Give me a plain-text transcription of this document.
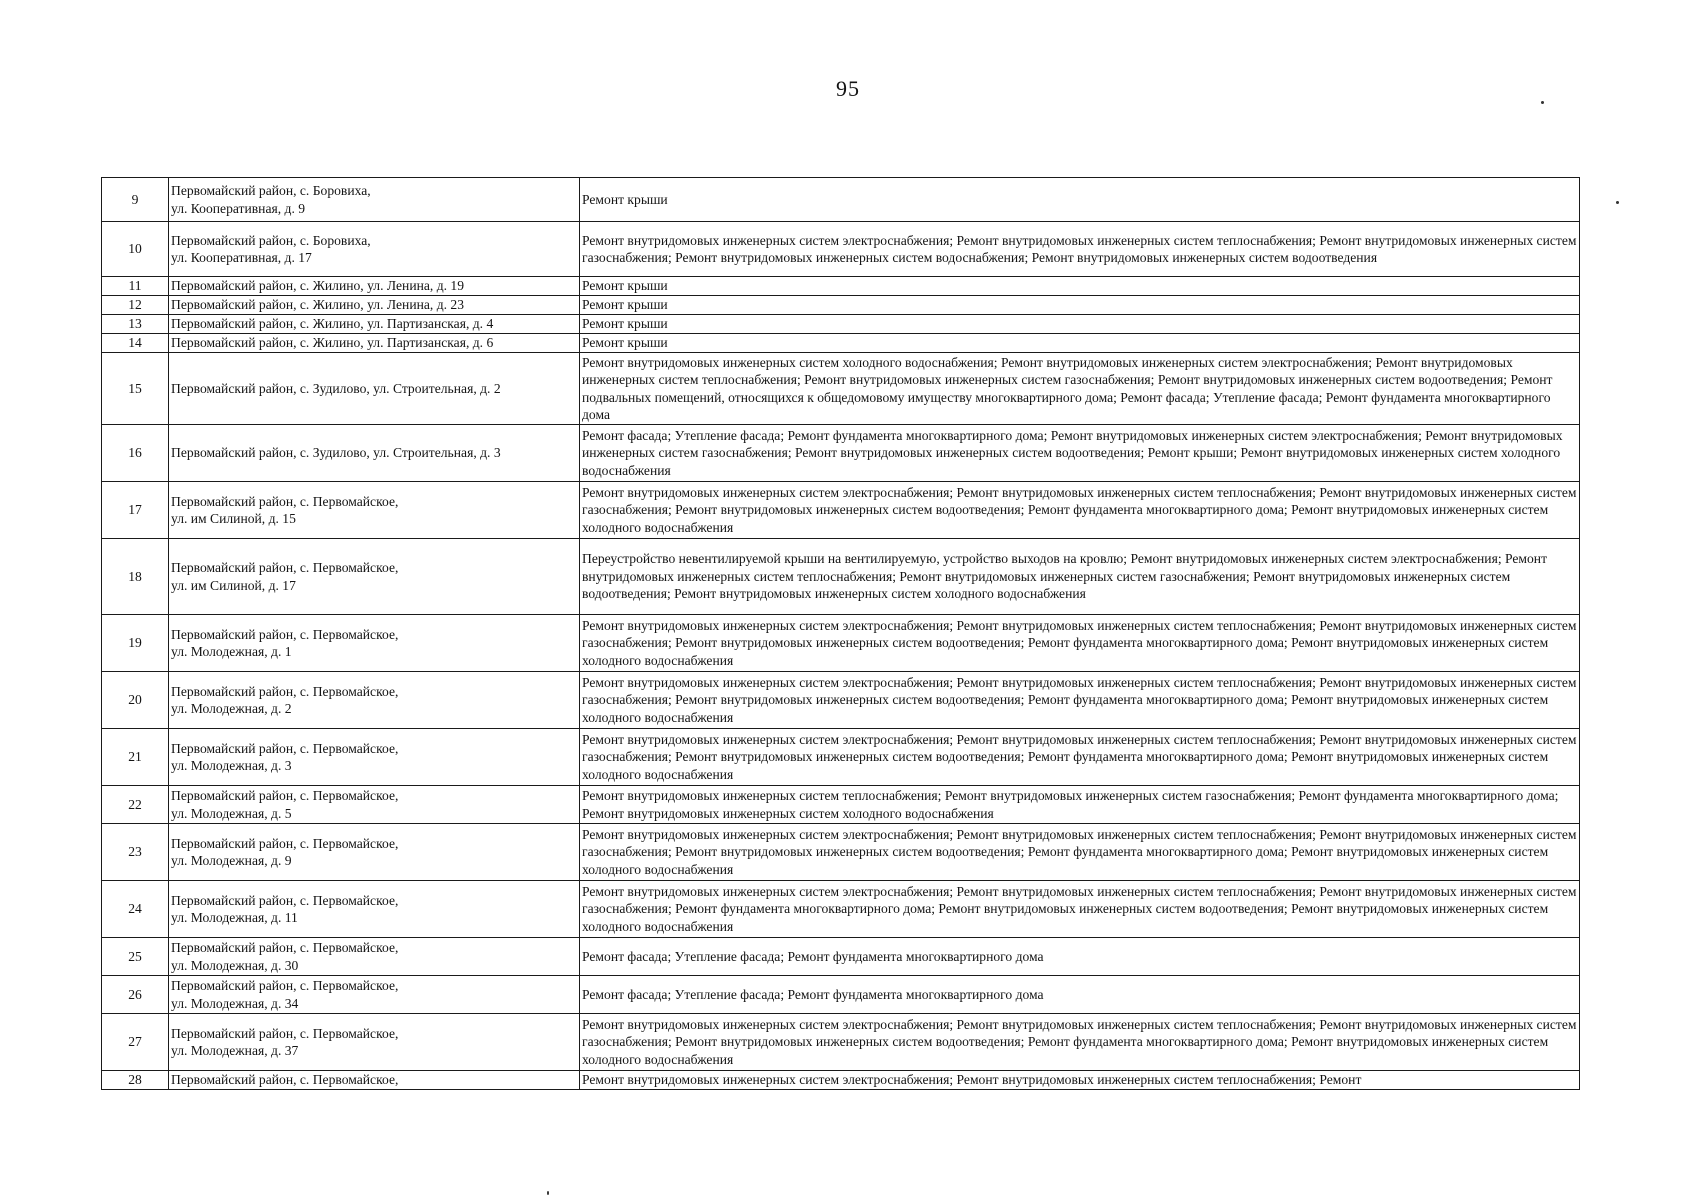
95
9	Первомайский район, с. Боровиха,
ул. Кооперативная, д. 9	Ремонт крыши
10	Первомайский район, с. Боровиха,
ул. Кооперативная, д. 17	Ремонт внутридомовых инженерных систем электроснабжения; Ремонт внутридомовых инженерных систем теплоснабжения; Ремонт внутридомовых инженерных систем газоснабжения; Ремонт внутридомовых инженерных систем водоснабжения; Ремонт внутридомовых инженерных систем водоотведения
11	Первомайский район, с. Жилино, ул. Ленина, д. 19	Ремонт крыши
12	Первомайский район, с. Жилино, ул. Ленина, д. 23	Ремонт крыши
13	Первомайский район, с. Жилино, ул. Партизанская, д. 4	Ремонт крыши
14	Первомайский район, с. Жилино, ул. Партизанская, д. 6	Ремонт крыши
15	Первомайский район, с. Зудилово, ул. Строительная, д. 2	Ремонт внутридомовых инженерных систем холодного водоснабжения; Ремонт внутридомовых инженерных систем электроснабжения; Ремонт внутридомовых инженерных систем теплоснабжения; Ремонт внутридомовых инженерных систем газоснабжения; Ремонт внутридомовых инженерных систем водоотведения; Ремонт подвальных помещений, относящихся к общедомовому имуществу многоквартирного дома; Ремонт фасада; Утепление фасада; Ремонт фундамента многоквартирного дома
16	Первомайский район, с. Зудилово, ул. Строительная, д. 3	Ремонт фасада; Утепление фасада; Ремонт фундамента многоквартирного дома; Ремонт внутридомовых инженерных систем электроснабжения; Ремонт внутридомовых инженерных систем газоснабжения; Ремонт внутридомовых инженерных систем водоотведения; Ремонт крыши; Ремонт внутридомовых инженерных систем холодного водоснабжения
17	Первомайский район, с. Первомайское,
ул. им Силиной, д. 15	Ремонт внутридомовых инженерных систем электроснабжения; Ремонт внутридомовых инженерных систем теплоснабжения; Ремонт внутридомовых инженерных систем газоснабжения; Ремонт внутридомовых инженерных систем водоотведения; Ремонт фундамента многоквартирного дома; Ремонт внутридомовых инженерных систем холодного водоснабжения
18	Первомайский район, с. Первомайское,
ул. им Силиной, д. 17	Переустройство невентилируемой крыши на вентилируемую, устройство выходов на кровлю; Ремонт внутридомовых инженерных систем электроснабжения; Ремонт внутридомовых инженерных систем теплоснабжения; Ремонт внутридомовых инженерных систем газоснабжения; Ремонт внутридомовых инженерных систем водоотведения; Ремонт внутридомовых инженерных систем холодного водоснабжения
19	Первомайский район, с. Первомайское,
ул. Молодежная, д. 1	Ремонт внутридомовых инженерных систем электроснабжения; Ремонт внутридомовых инженерных систем теплоснабжения; Ремонт внутридомовых инженерных систем газоснабжения; Ремонт внутридомовых инженерных систем водоотведения; Ремонт фундамента многоквартирного дома; Ремонт внутридомовых инженерных систем холодного водоснабжения
20	Первомайский район, с. Первомайское,
ул. Молодежная, д. 2	Ремонт внутридомовых инженерных систем электроснабжения; Ремонт внутридомовых инженерных систем теплоснабжения; Ремонт внутридомовых инженерных систем газоснабжения; Ремонт внутридомовых инженерных систем водоотведения; Ремонт фундамента многоквартирного дома; Ремонт внутридомовых инженерных систем холодного водоснабжения
21	Первомайский район, с. Первомайское,
ул. Молодежная, д. 3	Ремонт внутридомовых инженерных систем электроснабжения; Ремонт внутридомовых инженерных систем теплоснабжения; Ремонт внутридомовых инженерных систем газоснабжения; Ремонт внутридомовых инженерных систем водоотведения; Ремонт фундамента многоквартирного дома; Ремонт внутридомовых инженерных систем холодного водоснабжения
22	Первомайский район, с. Первомайское,
ул. Молодежная, д. 5	Ремонт внутридомовых инженерных систем теплоснабжения; Ремонт внутридомовых инженерных систем газоснабжения; Ремонт фундамента многоквартирного дома; Ремонт внутридомовых инженерных систем холодного водоснабжения
23	Первомайский район, с. Первомайское,
ул. Молодежная, д. 9	Ремонт внутридомовых инженерных систем электроснабжения; Ремонт внутридомовых инженерных систем теплоснабжения; Ремонт внутридомовых инженерных систем газоснабжения; Ремонт внутридомовых инженерных систем водоотведения; Ремонт фундамента многоквартирного дома; Ремонт внутридомовых инженерных систем холодного водоснабжения
24	Первомайский район, с. Первомайское,
ул. Молодежная, д. 11	Ремонт внутридомовых инженерных систем электроснабжения; Ремонт внутридомовых инженерных систем теплоснабжения; Ремонт внутридомовых инженерных систем газоснабжения; Ремонт фундамента многоквартирного дома; Ремонт внутридомовых инженерных систем водоотведения; Ремонт внутридомовых инженерных систем холодного водоснабжения
25	Первомайский район, с. Первомайское,
ул. Молодежная, д. 30	Ремонт фасада; Утепление фасада; Ремонт фундамента многоквартирного дома
26	Первомайский район, с. Первомайское,
ул. Молодежная, д. 34	Ремонт фасада; Утепление фасада; Ремонт фундамента многоквартирного дома
27	Первомайский район, с. Первомайское,
ул. Молодежная, д. 37	Ремонт внутридомовых инженерных систем электроснабжения; Ремонт внутридомовых инженерных систем теплоснабжения; Ремонт внутридомовых инженерных систем газоснабжения; Ремонт внутридомовых инженерных систем водоотведения; Ремонт фундамента многоквартирного дома; Ремонт внутридомовых инженерных систем холодного водоснабжения
28	Первомайский район, с. Первомайское,	Ремонт внутридомовых инженерных систем электроснабжения; Ремонт внутридомовых инженерных систем теплоснабжения; Ремонт
